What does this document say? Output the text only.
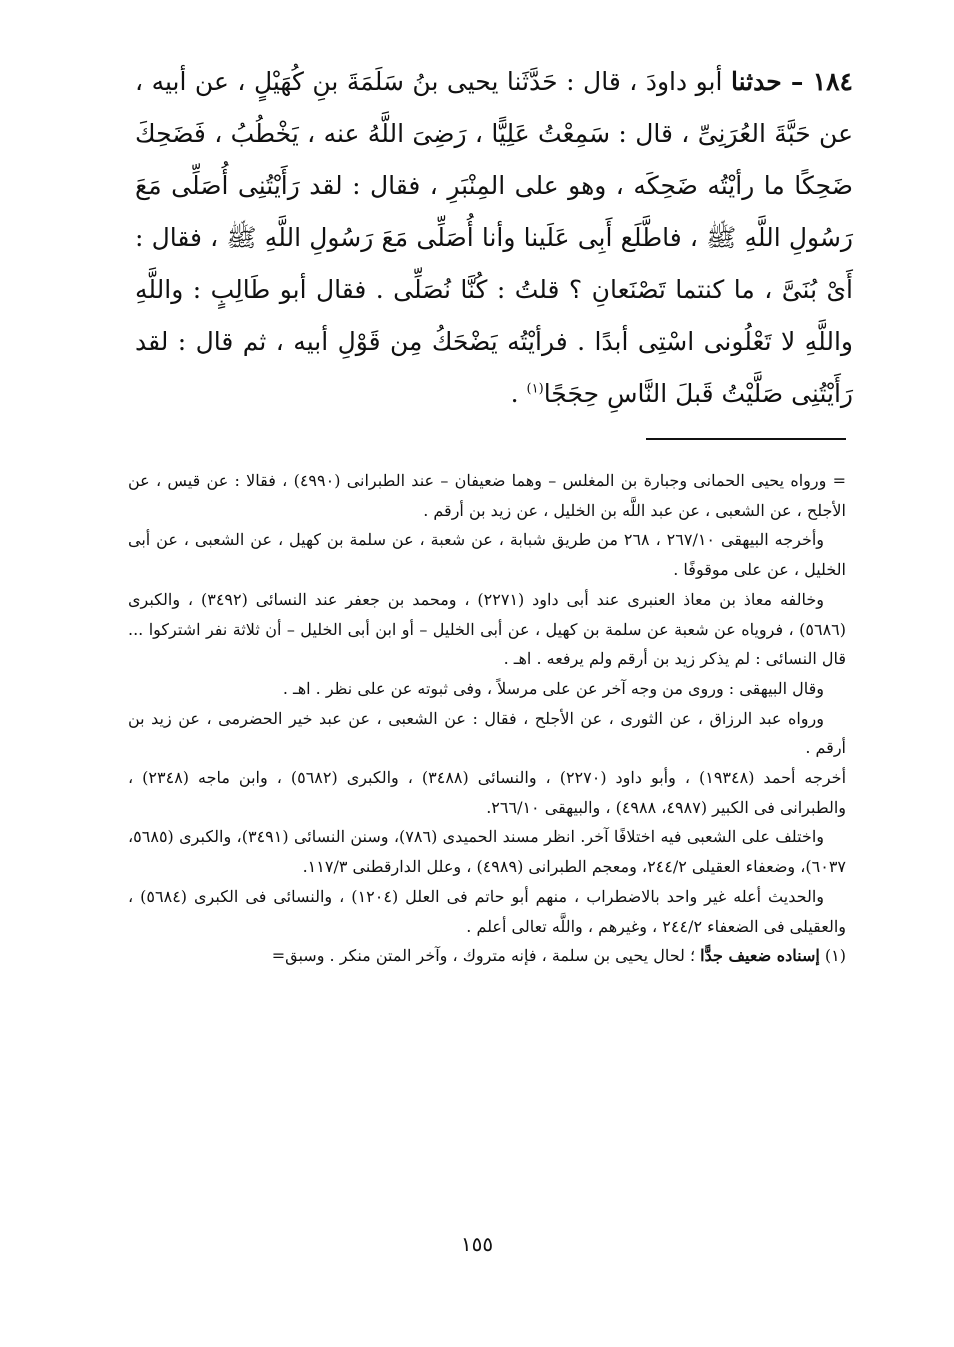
١٨٤ – حدثنا أبو داودَ ، قال : حَدَّثَنا يحيى بنُ سَلَمَةَ بنِ كُهَيْلٍ ، عن أبيه ، عن حَبَّةَ العُرَنِىِّ ، قال : سَمِعْتُ عَلِيًّا ، رَضِىَ اللَّهُ عنه ، يَخْطُبُ ، فَضَحِكَ ضَحِكًا ما رأيْتُه ضَحِكَه ، وهو على المِنْبَرِ ، فقال : لقد رَأَيْتُنِى أُصَلِّى مَعَ رَسُولِ اللَّهِ ﷺ ، فاطَّلَع أَبِى عَلَينا وأنا أُصَلِّى مَعَ رَسُولِ اللَّهِ ﷺ ، فقال : أَىْ بُنَىَّ ، ما كنتما تَصْنَعانِ ؟ قلتُ : كُنَّا نُصَلِّى . فقال أبو طَالِبٍ : واللَّهِ واللَّهِ لا تَعْلُونى اسْتِى أبدًا . فرأيْتُه يَضْحَكُ مِن قَوْلِ أبيه ، ثم قال : لقد رَأَيْتُنِى صَلَّيْتُ قَبلَ النَّاسِ حِجَجًا$^{(١)}$ .

= ورواه يحيى الحمانى وجبارة بن المغلس – وهما ضعيفان – عند الطبرانى (٤٩٩٠) ، فقالا : عن قيس ، عن الأجلح ، عن الشعبى ، عن عبد اللَّه بن الخليل ، عن زيد بن أرقم .

وأخرجه البيهقى ٢٦٧/١٠ ، ٢٦٨ من طريق شبابة ، عن شعبة ، عن سلمة بن كهيل ، عن الشعبى ، عن أبى الخليل ، عن على موقوفًا .

وخالفه معاذ بن معاذ العنبرى عند أبى داود (٢٢٧١) ، ومحمد بن جعفر عند النسائى (٣٤٩٢) ، والكبرى (٥٦٨٦) ، فروياه عن شعبة عن سلمة بن كهيل ، عن أبى الخليل – أو ابن أبى الخليل – أن ثلاثة نفر اشتركوا ... قال النسائى : لم يذكر زيد بن أرقم ولم يرفعه . اهـ .

وقال البيهقى : وروى من وجه آخر عن على مرسلاً ، وفى ثبوته عن على نظر . اهـ .

ورواه عبد الرزاق ، عن الثورى ، عن الأجلح ، فقال : عن الشعبى ، عن عبد خير الحضرمى ، عن زيد بن أرقم .

أخرجه أحمد (١٩٣٤٨) ، وأبو داود (٢٢٧٠) ، والنسائى (٣٤٨٨) ، والكبرى (٥٦٨٢) ، وابن ماجه (٢٣٤٨) ، والطبرانى فى الكبير (٤٩٨٧، ٤٩٨٨) ، والبيهقى ٢٦٦/١٠.

واختلف على الشعبى فيه اختلافًا آخر. انظر مسند الحميدى (٧٨٦)، وسنن النسائى (٣٤٩١)، والكبرى (٥٦٨٥، ٦٠٣٧)، وضعفاء العقيلى ٢٤٤/٢، ومعجم الطبرانى (٤٩٨٩) ، وعلل الدارقطنى ١١٧/٣.

والحديث أعله غير واحد بالاضطراب ، منهم أبو حاتم فى العلل (١٢٠٤) ، والنسائى فى الكبرى (٥٦٨٤) ، والعقيلى فى الضعفاء ٢٤٤/٢ ، وغيرهم ، واللَّه تعالى أعلم .

(١) إسناده ضعيف جدًّا ؛ لحال يحيى بن سلمة ، فإنه متروك ، وآخر المتن منكر . وسبق=

١٥٥
